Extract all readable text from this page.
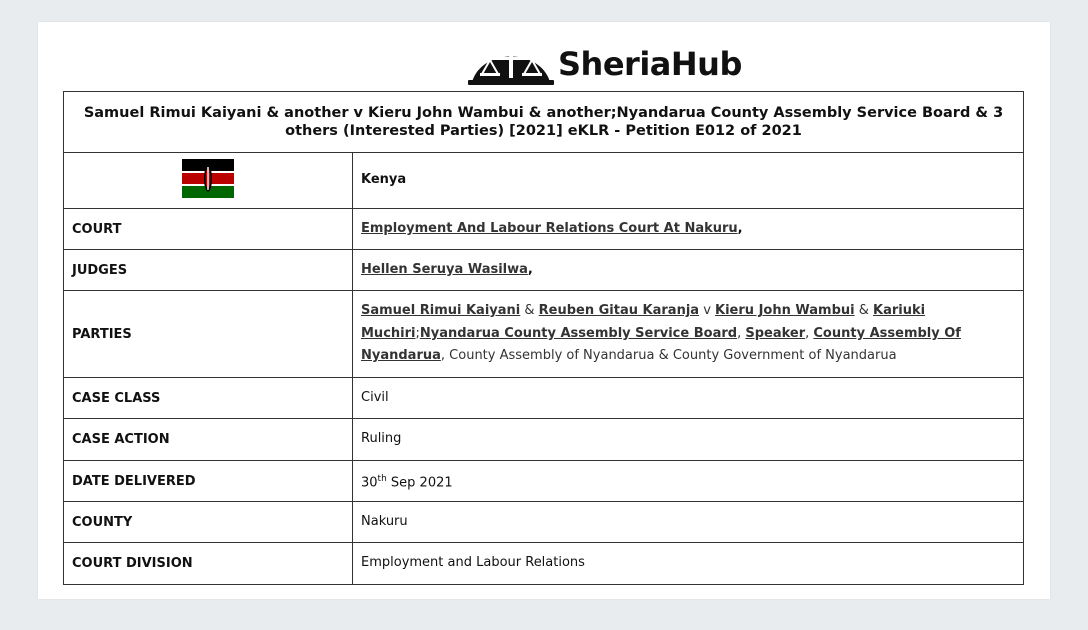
SheriaHub
Samuel Rimui Kaiyani & another v Kieru John Wambui & another;Nyandarua County Assembly Service Board & 3 others (Interested Parties) [2021] eKLR - Petition E012 of 2021	
	Kenya
COURT	Employment And Labour Relations Court At Nakuru,
JUDGES	Hellen Seruya Wasilwa,
PARTIES	Samuel Rimui Kaiyani & Reuben Gitau Karanja v Kieru John Wambui & Kariuki Muchiri;Nyandarua County Assembly Service Board, Speaker, County Assembly Of Nyandarua, County Assembly of Nyandarua & County Government of Nyandarua
CASE CLASS	Civil
CASE ACTION	Ruling
DATE DELIVERED	30th Sep 2021
COUNTY	Nakuru
COURT DIVISION	Employment and Labour Relations
